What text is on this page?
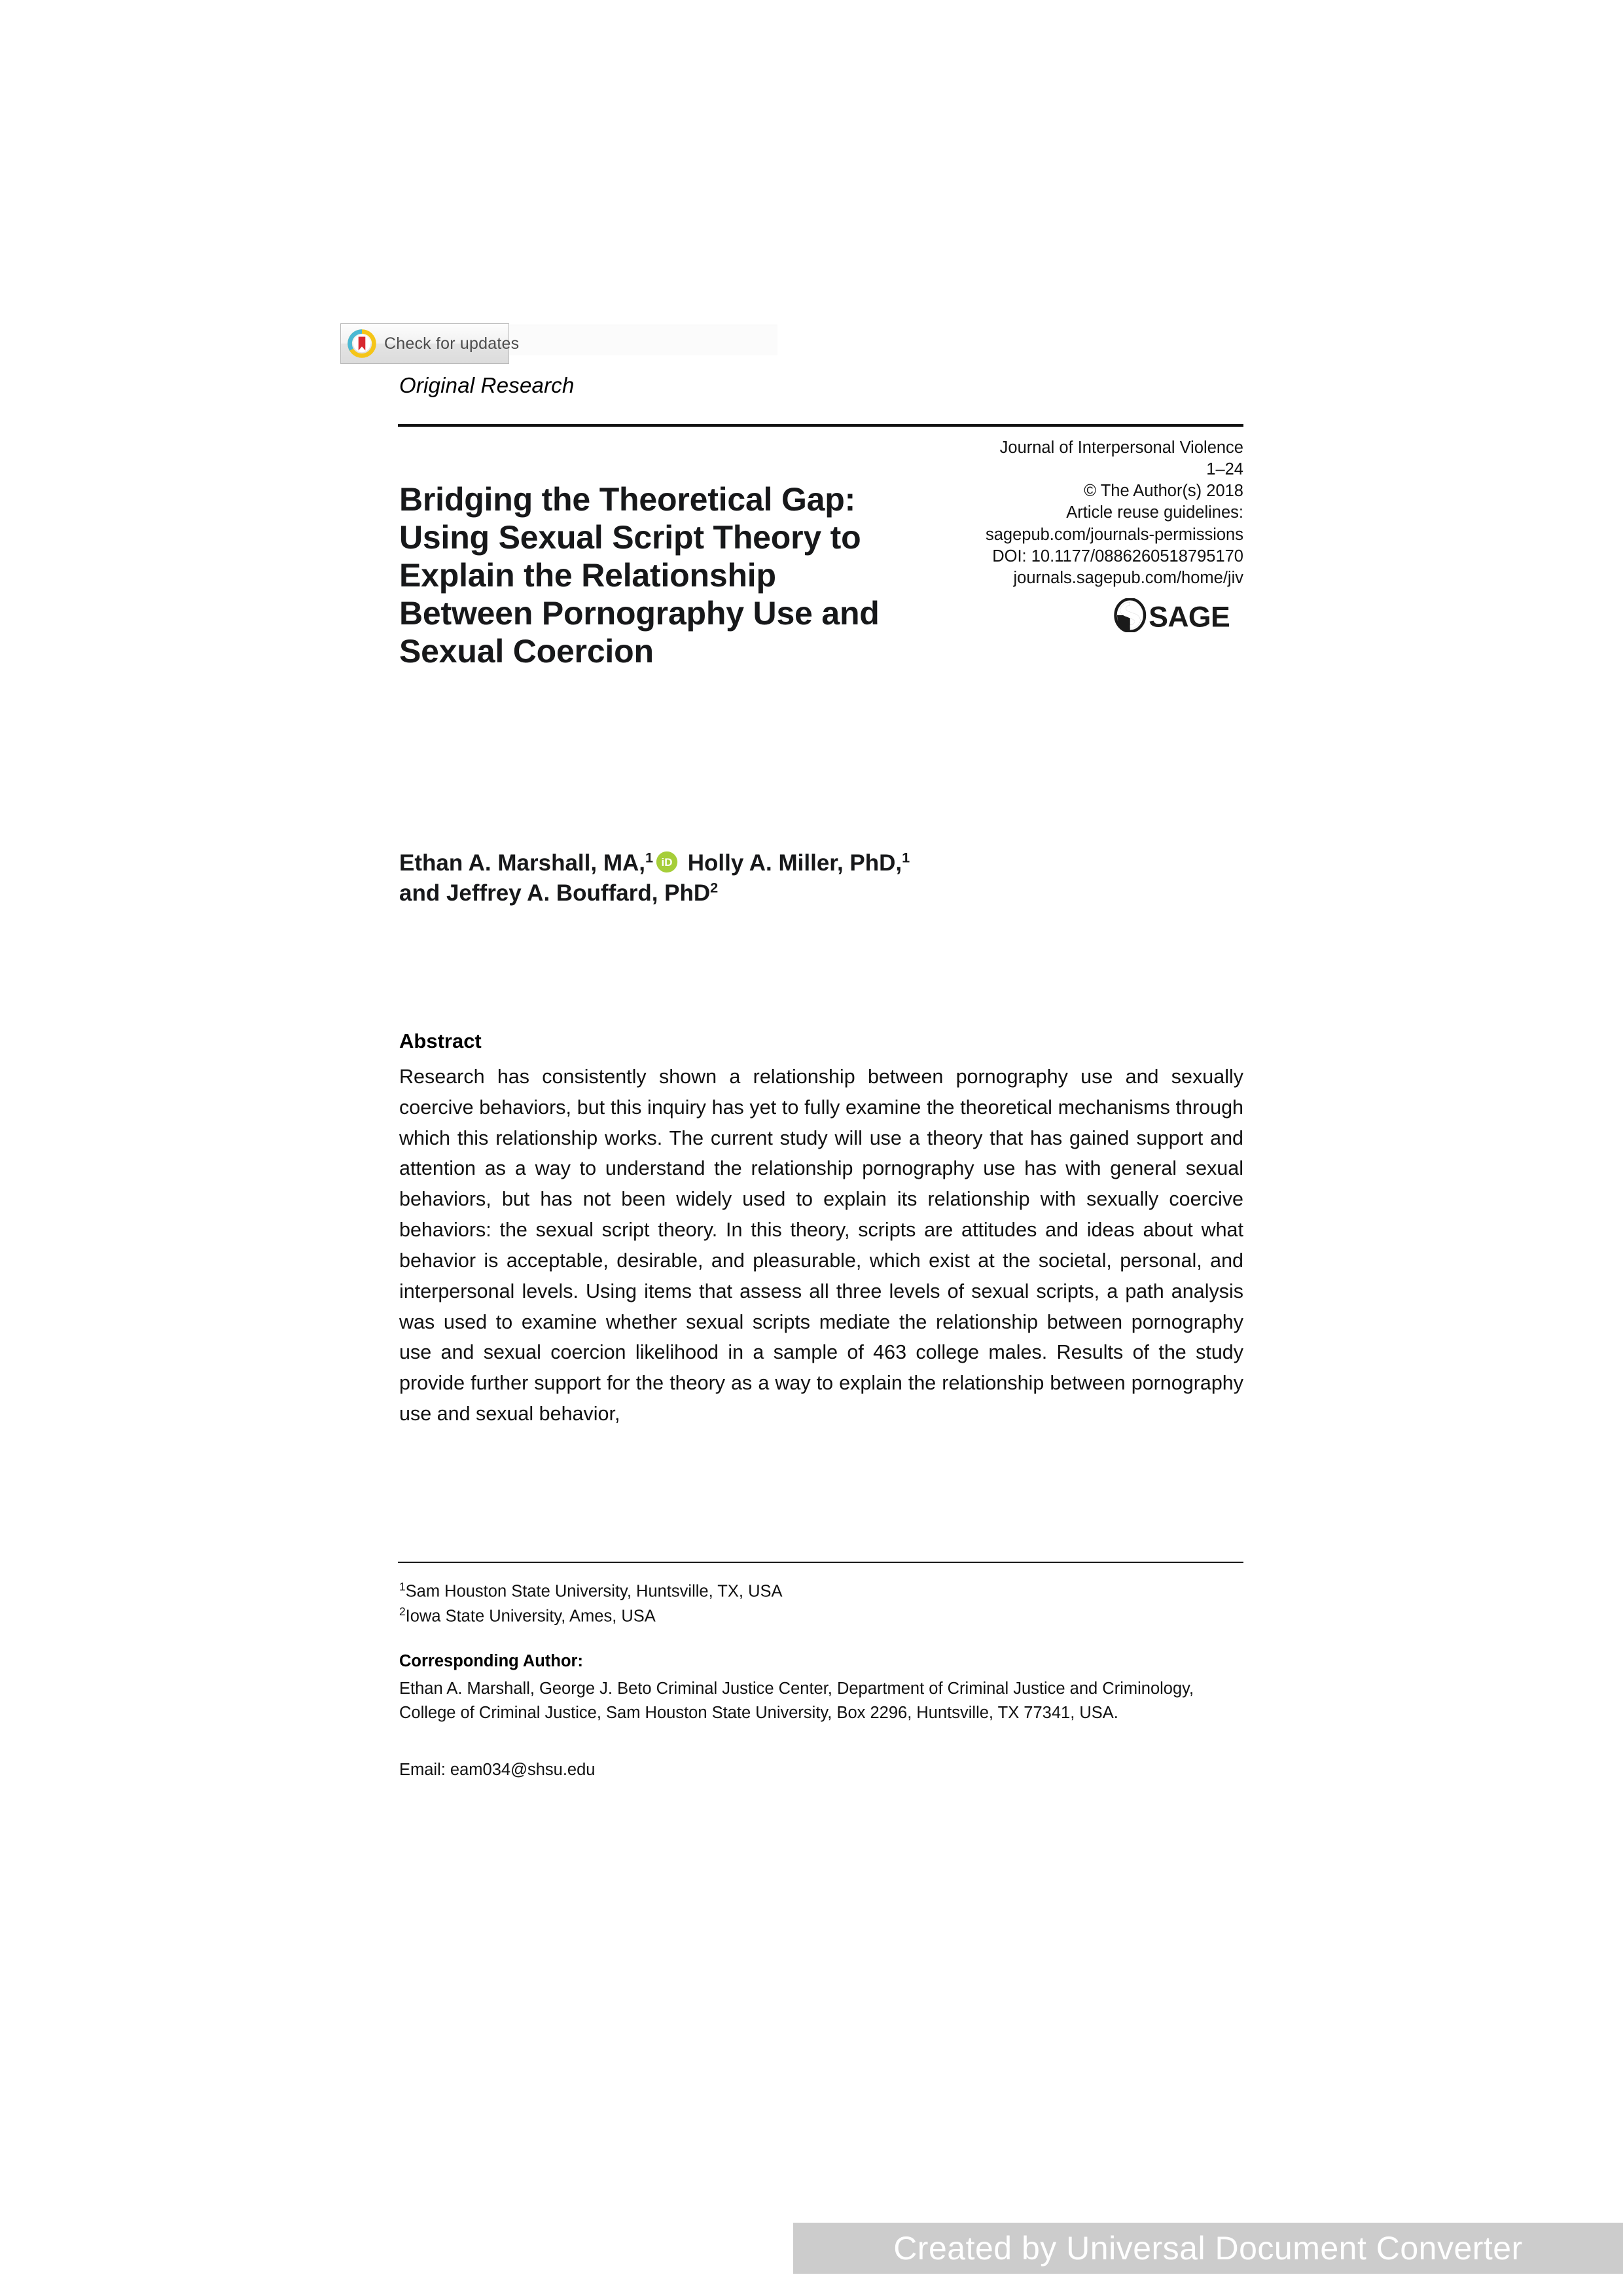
Check for updates
Original Research
Bridging the Theoretical Gap: Using Sexual Script Theory to Explain the Relationship Between Pornography Use and Sexual Coercion
Journal of Interpersonal Violence
1–24
© The Author(s) 2018
Article reuse guidelines:
sagepub.com/journals-permissions
DOI: 10.1177/0886260518795170
journals.sagepub.com/home/jiv
SAGE
Ethan A. Marshall, MA,$^1$ iD Holly A. Miller, PhD,$^1$
and Jeffrey A. Bouffard, PhD$^2$
Abstract
Research has consistently shown a relationship between pornography use and sexually coercive behaviors, but this inquiry has yet to fully examine the theoretical mechanisms through which this relationship works. The current study will use a theory that has gained support and attention as a way to understand the relationship pornography use has with general sexual behaviors, but has not been widely used to explain its relationship with sexually coercive behaviors: the sexual script theory. In this theory, scripts are attitudes and ideas about what behavior is acceptable, desirable, and pleasurable, which exist at the societal, personal, and interpersonal levels. Using items that assess all three levels of sexual scripts, a path analysis was used to examine whether sexual scripts mediate the relationship between pornography use and sexual coercion likelihood in a sample of 463 college males. Results of the study provide further support for the theory as a way to explain the relationship between pornography use and sexual behavior,
$^1$Sam Houston State University, Huntsville, TX, USA
$^2$Iowa State University, Ames, USA
Corresponding Author:
Ethan A. Marshall, George J. Beto Criminal Justice Center, Department of Criminal Justice and Criminology, College of Criminal Justice, Sam Houston State University, Box 2296, Huntsville, TX 77341, USA.
Email: eam034@shsu.edu
Created by Universal Document Converter
